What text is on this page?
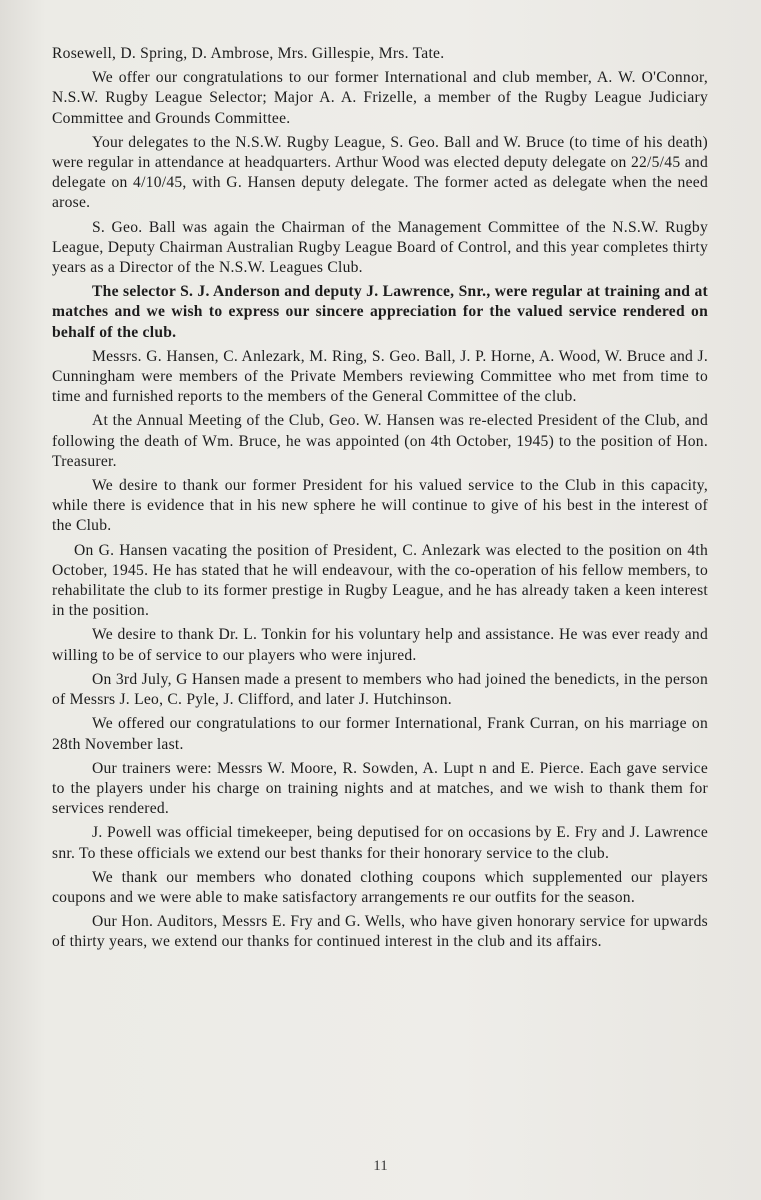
Rosewell, D. Spring, D. Ambrose, Mrs. Gillespie, Mrs. Tate.

We offer our congratulations to our former International and club member, A. W. O'Connor, N.S.W. Rugby League Selector; Major A. A. Frizelle, a member of the Rugby League Judiciary Committee and Grounds Committee.

Your delegates to the N.S.W. Rugby League, S. Geo. Ball and W. Bruce (to time of his death) were regular in attendance at headquarters. Arthur Wood was elected deputy delegate on 22/5/45 and delegate on 4/10/45, with G. Hansen deputy delegate. The former acted as delegate when the need arose.

S. Geo. Ball was again the Chairman of the Management Committee of the N.S.W. Rugby League, Deputy Chairman Australian Rugby League Board of Control, and this year completes thirty years as a Director of the N.S.W. Leagues Club.

The selector S. J. Anderson and deputy J. Lawrence, Snr., were regular at training and at matches and we wish to express our sincere appreciation for the valued service rendered on behalf of the club.

Messrs. G. Hansen, C. Anlezark, M. Ring, S. Geo. Ball, J. P. Horne, A. Wood, W. Bruce and J. Cunningham were members of the Private Members reviewing Committee who met from time to time and furnished reports to the members of the General Committee of the club.

At the Annual Meeting of the Club, Geo. W. Hansen was re-elected President of the Club, and following the death of Wm. Bruce, he was appointed (on 4th October, 1945) to the position of Hon. Treasurer.

We desire to thank our former President for his valued service to the Club in this capacity, while there is evidence that in his new sphere he will continue to give of his best in the interest of the Club.

On G. Hansen vacating the position of President, C. Anlezark was elected to the position on 4th October, 1945. He has stated that he will endeavour, with the co-operation of his fellow members, to rehabilitate the club to its former prestige in Rugby League, and he has already taken a keen interest in the position.

We desire to thank Dr. L. Tonkin for his voluntary help and assistance. He was ever ready and willing to be of service to our players who were injured.

On 3rd July, G Hansen made a present to members who had joined the benedicts, in the person of Messrs J. Leo, C. Pyle, J. Clifford, and later J. Hutchinson.

We offered our congratulations to our former International, Frank Curran, on his marriage on 28th November last.

Our trainers were: Messrs W. Moore, R. Sowden, A. Lupt n and E. Pierce. Each gave service to the players under his charge on training nights and at matches, and we wish to thank them for services rendered.

J. Powell was official timekeeper, being deputised for on occasions by E. Fry and J. Lawrence snr. To these officials we extend our best thanks for their honorary service to the club.

We thank our members who donated clothing coupons which supplemented our players coupons and we were able to make satisfactory arrangements re our outfits for the season.

Our Hon. Auditors, Messrs E. Fry and G. Wells, who have given honorary service for upwards of thirty years, we extend our thanks for continued interest in the club and its affairs.

11
